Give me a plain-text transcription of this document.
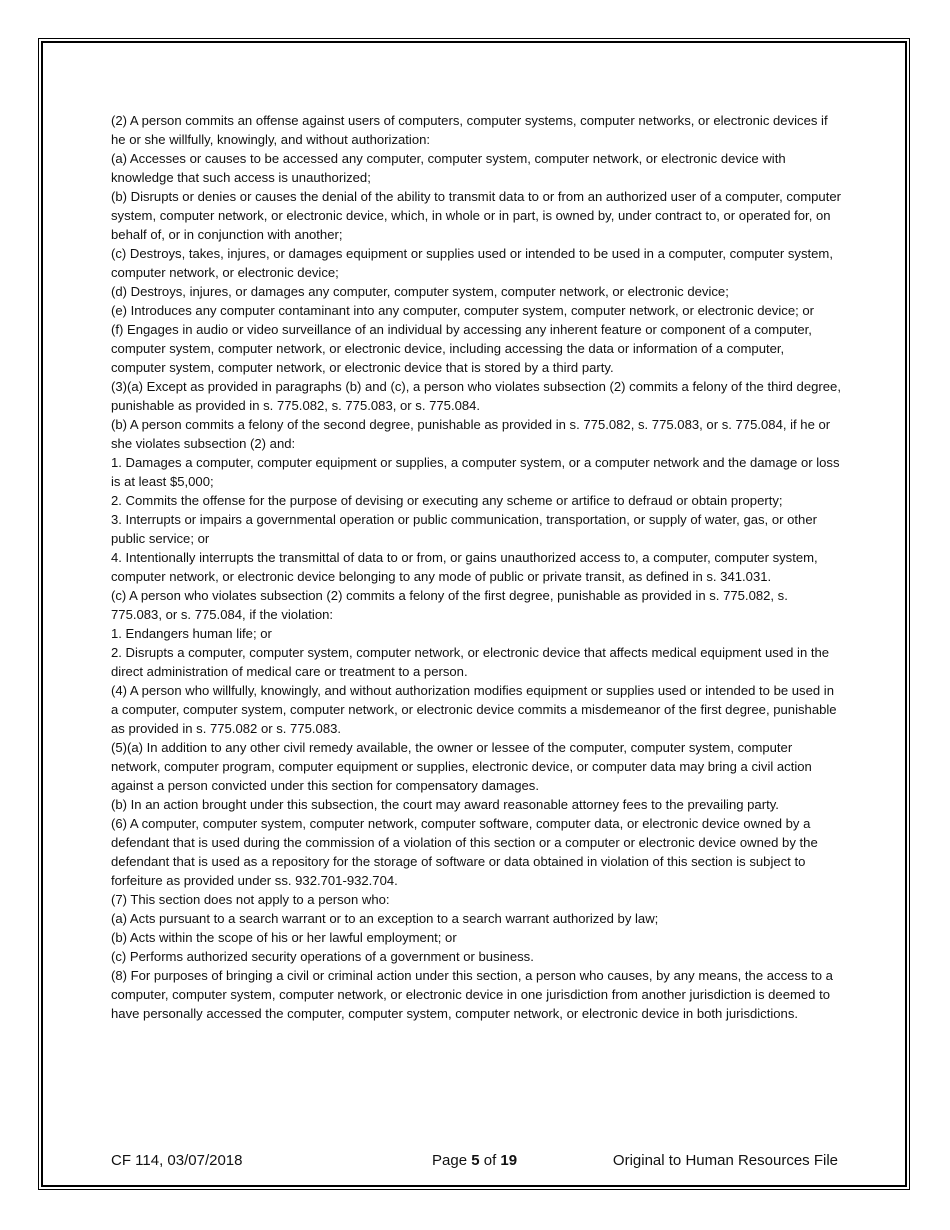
(2) A person commits an offense against users of computers, computer systems, computer networks, or electronic devices if he or she willfully, knowingly, and without authorization:

(a) Accesses or causes to be accessed any computer, computer system, computer network, or electronic device with knowledge that such access is unauthorized;

(b) Disrupts or denies or causes the denial of the ability to transmit data to or from an authorized user of a computer, computer system, computer network, or electronic device, which, in whole or in part, is owned by, under contract to, or operated for, on behalf of, or in conjunction with another;

(c) Destroys, takes, injures, or damages equipment or supplies used or intended to be used in a computer, computer system, computer network, or electronic device;

(d) Destroys, injures, or damages any computer, computer system, computer network, or electronic device;

(e) Introduces any computer contaminant into any computer, computer system, computer network, or electronic device; or

(f) Engages in audio or video surveillance of an individual by accessing any inherent feature or component of a computer, computer system, computer network, or electronic device, including accessing the data or information of a computer, computer system, computer network, or electronic device that is stored by a third party.

(3)(a) Except as provided in paragraphs (b) and (c), a person who violates subsection (2) commits a felony of the third degree, punishable as provided in s. 775.082, s. 775.083, or s. 775.084.

(b) A person commits a felony of the second degree, punishable as provided in s. 775.082, s. 775.083, or s. 775.084, if he or she violates subsection (2) and:

1. Damages a computer, computer equipment or supplies, a computer system, or a computer network and the damage or loss is at least $5,000;

2. Commits the offense for the purpose of devising or executing any scheme or artifice to defraud or obtain property;

3. Interrupts or impairs a governmental operation or public communication, transportation, or supply of water, gas, or other public service; or

4. Intentionally interrupts the transmittal of data to or from, or gains unauthorized access to, a computer, computer system, computer network, or electronic device belonging to any mode of public or private transit, as defined in s. 341.031.

(c) A person who violates subsection (2) commits a felony of the first degree, punishable as provided in s. 775.082, s. 775.083, or s. 775.084, if the violation:

1. Endangers human life; or

2. Disrupts a computer, computer system, computer network, or electronic device that affects medical equipment used in the direct administration of medical care or treatment to a person.

(4) A person who willfully, knowingly, and without authorization modifies equipment or supplies used or intended to be used in a computer, computer system, computer network, or electronic device commits a misdemeanor of the first degree, punishable as provided in s. 775.082 or s. 775.083.

(5)(a) In addition to any other civil remedy available, the owner or lessee of the computer, computer system, computer network, computer program, computer equipment or supplies, electronic device, or computer data may bring a civil action against a person convicted under this section for compensatory damages.

(b) In an action brought under this subsection, the court may award reasonable attorney fees to the prevailing party.

(6) A computer, computer system, computer network, computer software, computer data, or electronic device owned by a defendant that is used during the commission of a violation of this section or a computer or electronic device owned by the defendant that is used as a repository for the storage of software or data obtained in violation of this section is subject to forfeiture as provided under ss. 932.701-932.704.

(7) This section does not apply to a person who:

(a) Acts pursuant to a search warrant or to an exception to a search warrant authorized by law;

(b) Acts within the scope of his or her lawful employment; or

(c) Performs authorized security operations of a government or business.

(8) For purposes of bringing a civil or criminal action under this section, a person who causes, by any means, the access to a computer, computer system, computer network, or electronic device in one jurisdiction from another jurisdiction is deemed to have personally accessed the computer, computer system, computer network, or electronic device in both jurisdictions.

CF 114, 03/07/2018	Page 5 of 19	Original to Human Resources File
